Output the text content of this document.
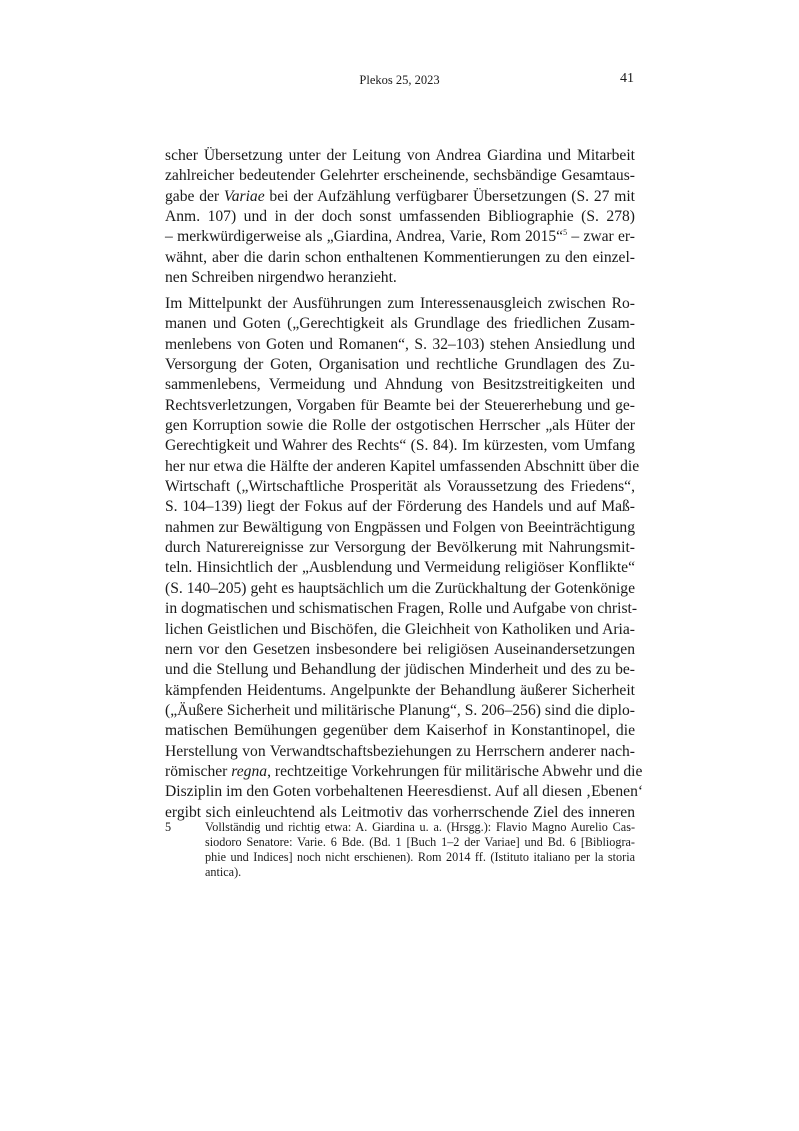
Plekos 25, 2023	41
scher Übersetzung unter der Leitung von Andrea Giardina und Mitarbeit
zahlreicher bedeutender Gelehrter erscheinende, sechsbändige Gesamtaus-
gabe der Variae bei der Aufzählung verfügbarer Übersetzungen (S. 27 mit
Anm. 107) und in der doch sonst umfassenden Bibliographie (S. 278)
– merkwürdigerweise als „Giardina, Andrea, Varie, Rom 2015“$^5$ – zwar er-
wähnt, aber die darin schon enthaltenen Kommentierungen zu den einzel-
nen Schreiben nirgendwo heranzieht.
Im Mittelpunkt der Ausführungen zum Interessenausgleich zwischen Ro-
manen und Goten („Gerechtigkeit als Grundlage des friedlichen Zusam-
menlebens von Goten und Romanen“, S. 32–103) stehen Ansiedlung und
Versorgung der Goten, Organisation und rechtliche Grundlagen des Zu-
sammenlebens, Vermeidung und Ahndung von Besitzstreitigkeiten und
Rechtsverletzungen, Vorgaben für Beamte bei der Steuererhebung und ge-
gen Korruption sowie die Rolle der ostgotischen Herrscher „als Hüter der
Gerechtigkeit und Wahrer des Rechts“ (S. 84). Im kürzesten, vom Umfang
her nur etwa die Hälfte der anderen Kapitel umfassenden Abschnitt über die
Wirtschaft („Wirtschaftliche Prosperität als Voraussetzung des Friedens“,
S. 104–139) liegt der Fokus auf der Förderung des Handels und auf Maß-
nahmen zur Bewältigung von Engpässen und Folgen von Beeinträchtigung
durch Naturereignisse zur Versorgung der Bevölkerung mit Nahrungsmit-
teln. Hinsichtlich der „Ausblendung und Vermeidung religiöser Konflikte“
(S. 140–205) geht es hauptsächlich um die Zurückhaltung der Gotenkönige
in dogmatischen und schismatischen Fragen, Rolle und Aufgabe von christ-
lichen Geistlichen und Bischöfen, die Gleichheit von Katholiken und Aria-
nern vor den Gesetzen insbesondere bei religiösen Auseinandersetzungen
und die Stellung und Behandlung der jüdischen Minderheit und des zu be-
kämpfenden Heidentums. Angelpunkte der Behandlung äußerer Sicherheit
(„Äußere Sicherheit und militärische Planung“, S. 206–256) sind die diplo-
matischen Bemühungen gegenüber dem Kaiserhof in Konstantinopel, die
Herstellung von Verwandtschaftsbeziehungen zu Herrschern anderer nach-
römischer regna, rechtzeitige Vorkehrungen für militärische Abwehr und die
Disziplin im den Goten vorbehaltenen Heeresdienst. Auf all diesen ‚Ebenen‘
ergibt sich einleuchtend als Leitmotiv das vorherrschende Ziel des inneren
5	Vollständig und richtig etwa: A. Giardina u. a. (Hrsgg.): Flavio Magno Aurelio Cas-
siodoro Senatore: Varie. 6 Bde. (Bd. 1 [Buch 1–2 der Variae] und Bd. 6 [Bibliogra-
phie und Indices] noch nicht erschienen). Rom 2014 ff. (Istituto italiano per la storia
antica).
